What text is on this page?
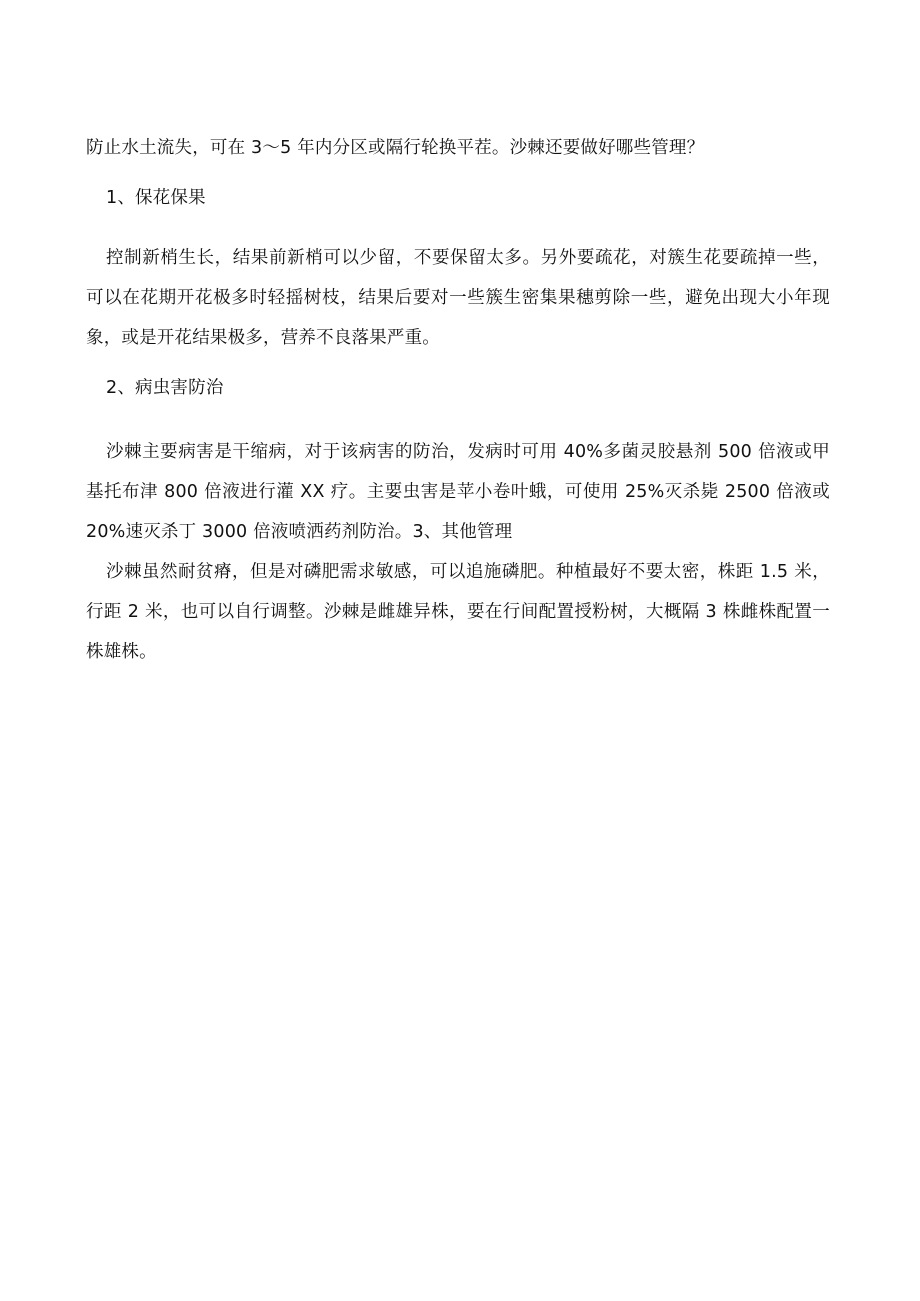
防止水土流失，可在 3～5 年内分区或隔行轮换平茬。沙棘还要做好哪些管理？

1、保花保果

控制新梢生长，结果前新梢可以少留，不要保留太多。另外要疏花，对簇生花要疏掉一些，可以在花期开花极多时轻摇树枝，结果后要对一些簇生密集果穗剪除一些，避免出现大小年现象，或是开花结果极多，营养不良落果严重。

2、病虫害防治

沙棘主要病害是干缩病，对于该病害的防治，发病时可用 40%多菌灵胶悬剂 500 倍液或甲基托布津 800 倍液进行灌 XX 疗。主要虫害是苹小卷叶蛾，可使用 25%灭杀毙 2500 倍液或 20%速灭杀丁 3000 倍液喷洒药剂防治。3、其他管理

沙棘虽然耐贫瘠，但是对磷肥需求敏感，可以追施磷肥。种植最好不要太密，株距 1.5 米，行距 2 米，也可以自行调整。沙棘是雌雄异株，要在行间配置授粉树，大概隔 3 株雌株配置一株雄株。
